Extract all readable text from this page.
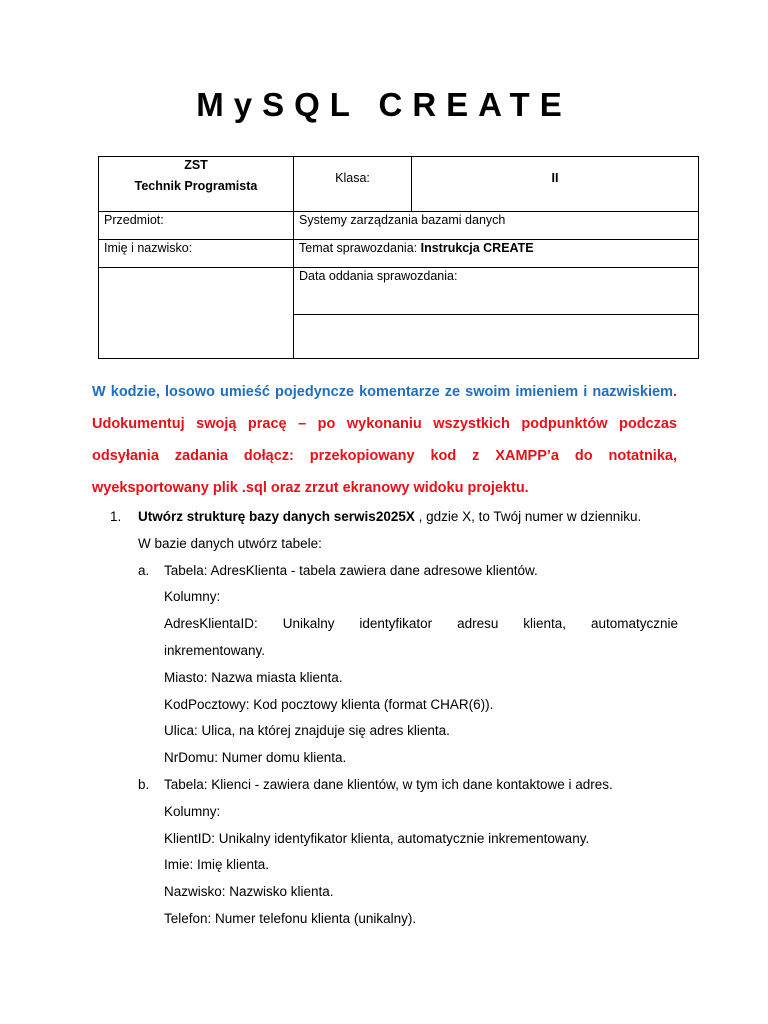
MySQL CREATE
ZST
Technik Programista	Klasa:	II
Przedmiot:	Systemy zarządzania bazami danych	
Imię i nazwisko:	Temat sprawozdania: Instrukcja CREATE	
	Data oddania sprawozdania:	

W kodzie, losowo umieść pojedyncze komentarze ze swoim imieniem i nazwiskiem. Udokumentuj swoją pracę – po wykonaniu wszystkich podpunktów podczas odsyłania zadania dołącz: przekopiowany kod z XAMPP’a do notatnika, wyeksportowany plik .sql oraz zrzut ekranowy widoku projektu.
1. Utwórz strukturę bazy danych serwis2025X , gdzie X, to Twój numer w dzienniku.
W bazie danych utwórz tabele:
a. Tabela: AdresKlienta - tabela zawiera dane adresowe klientów.
Kolumny:
AdresKlientaID: Unikalny identyfikator adresu klienta, automatycznie
inkrementowany.
Miasto: Nazwa miasta klienta.
KodPocztowy: Kod pocztowy klienta (format CHAR(6)).
Ulica: Ulica, na której znajduje się adres klienta.
NrDomu: Numer domu klienta.
b. Tabela: Klienci - zawiera dane klientów, w tym ich dane kontaktowe i adres.
Kolumny:
KlientID: Unikalny identyfikator klienta, automatycznie inkrementowany.
Imie: Imię klienta.
Nazwisko: Nazwisko klienta.
Telefon: Numer telefonu klienta (unikalny).
